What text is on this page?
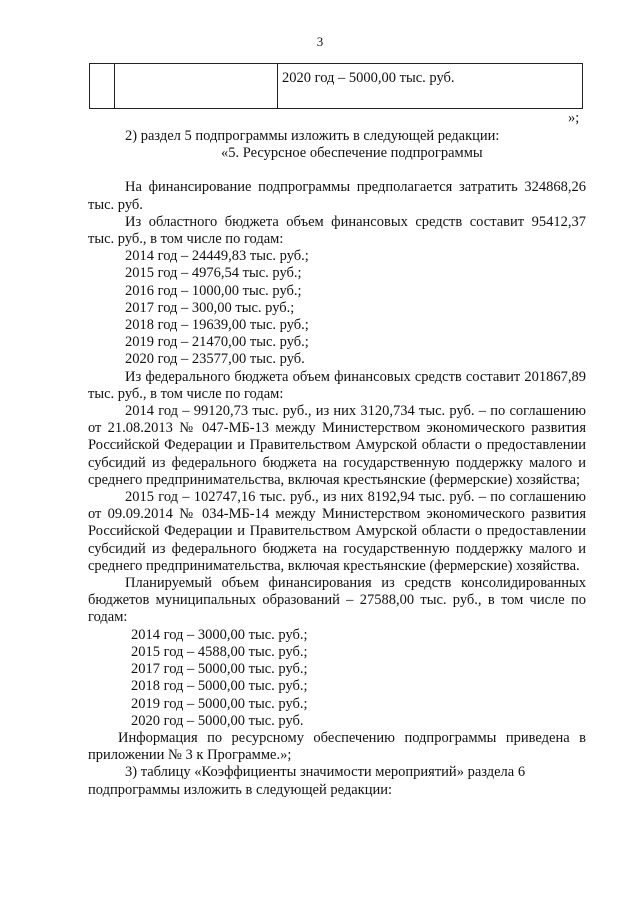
3
		2020 год – 5000,00 тыс. руб.
»;

2) раздел 5 подпрограммы изложить в следующей редакции:

«5. Ресурсное обеспечение подпрограммы

На финансирование подпрограммы предполагается затратить 324868,26 тыс. руб.

Из областного бюджета объем финансовых средств составит 95412,37 тыс. руб., в том числе по годам:

2014 год – 24449,83 тыс. руб.;

2015 год – 4976,54 тыс. руб.;

2016 год – 1000,00 тыс. руб.;

2017 год – 300,00 тыс. руб.;

2018 год – 19639,00 тыс. руб.;

2019 год – 21470,00 тыс. руб.;

2020 год – 23577,00 тыс. руб.

Из федерального бюджета объем финансовых средств составит 201867,89 тыс. руб., в том числе по годам:

2014 год – 99120,73 тыс. руб., из них 3120,734 тыс. руб. – по соглашению от 21.08.2013 № 047-МБ-13 между Министерством экономического развития Российской Федерации и Правительством Амурской области о предоставлении субсидий из федерального бюджета на государственную поддержку малого и среднего предпринимательства, включая крестьянские (фермерские) хозяйства;

2015 год – 102747,16 тыс. руб., из них 8192,94 тыс. руб. – по соглашению от 09.09.2014 № 034-МБ-14 между Министерством экономического развития Российской Федерации и Правительством Амурской области о предоставлении субсидий из федерального бюджета на государственную поддержку малого и среднего предпринимательства, включая крестьянские (фермерские) хозяйства.

Планируемый объем финансирования из средств консолидированных бюджетов муниципальных образований – 27588,00 тыс. руб., в том числе по годам:

2014 год – 3000,00 тыс. руб.;

2015 год – 4588,00 тыс. руб.;

2017 год – 5000,00 тыс. руб.;

2018 год – 5000,00 тыс. руб.;

2019 год – 5000,00 тыс. руб.;

2020 год – 5000,00 тыс. руб.

Информация по ресурсному обеспечению подпрограммы приведена в приложении № 3 к Программе.»;

3) таблицу «Коэффициенты значимости мероприятий» раздела 6 подпрограммы изложить в следующей редакции:
